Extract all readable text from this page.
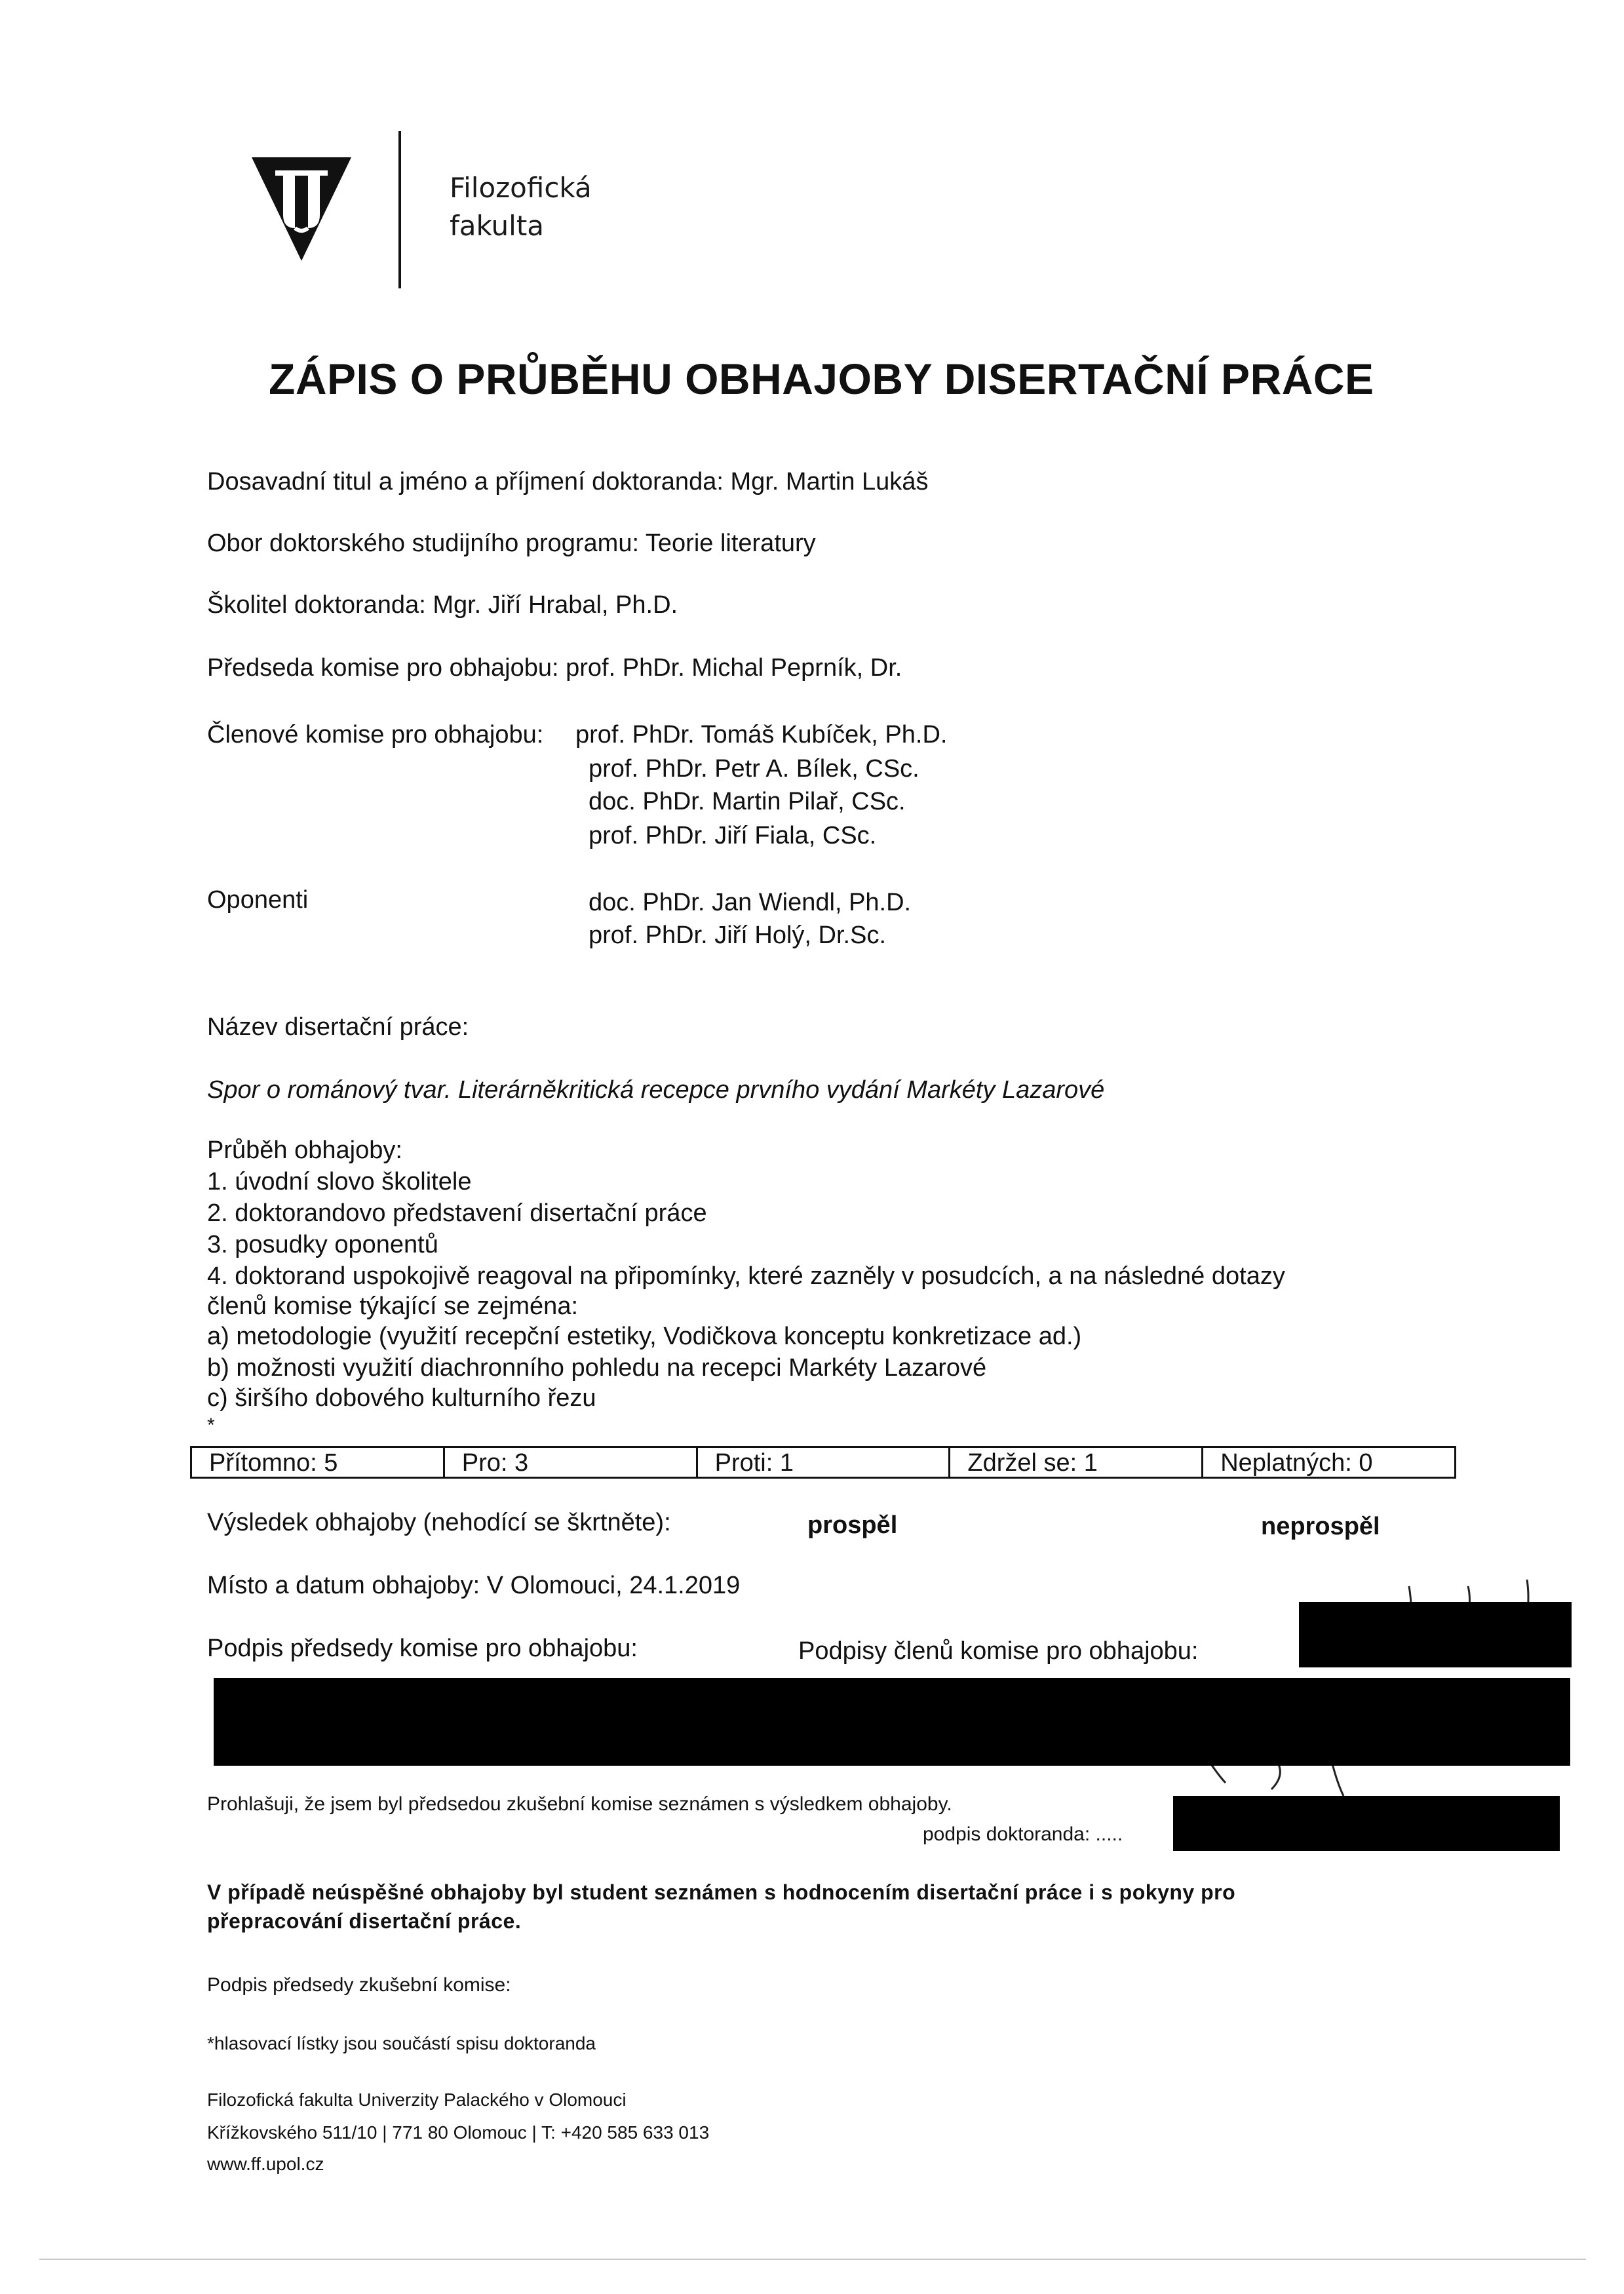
Filozofická
fakulta
ZÁPIS O PRŮBĚHU OBHAJOBY DISERTAČNÍ PRÁCE
Dosavadní titul a jméno a příjmení doktoranda: Mgr. Martin Lukáš
Obor doktorského studijního programu: Teorie literatury
Školitel doktoranda: Mgr. Jiří Hrabal, Ph.D.
Předseda komise pro obhajobu: prof. PhDr. Michal Peprník, Dr.
Členové komise pro obhajobu: prof. PhDr. Tomáš Kubíček, Ph.D.
prof. PhDr. Petr A. Bílek, CSc.
doc. PhDr. Martin Pilař, CSc.
prof. PhDr. Jiří Fiala, CSc.
Oponenti	doc. PhDr. Jan Wiendl, Ph.D.
prof. PhDr. Jiří Holý, Dr.Sc.
Název disertační práce:
Spor o románový tvar. Literárněkritická recepce prvního vydání Markéty Lazarové
Průběh obhajoby:
1. úvodní slovo školitele
2. doktorandovo představení disertační práce
3. posudky oponentů
4. doktorand uspokojivě reagoval na připomínky, které zazněly v posudcích, a na následné dotazy
členů komise týkající se zejména:
a) metodologie (využití recepční estetiky, Vodičkova konceptu konkretizace ad.)
b) možnosti využití diachronního pohledu na recepci Markéty Lazarové
c) širšího dobového kulturního řezu
*
Přítomno: 5	Pro: 3	Proti: 1	Zdržel se: 1	Neplatných: 0
Výsledek obhajoby (nehodící se škrtněte):	prospěl	neprospěl
Místo a datum obhajoby: V Olomouci, 24.1.2019
Podpis předsedy komise pro obhajobu:	Podpisy členů komise pro obhajobu:
Prohlašuji, že jsem byl předsedou zkušební komise seznámen s výsledkem obhajoby.
podpis doktoranda: .....
V případě neúspěšné obhajoby byl student seznámen s hodnocením disertační práce i s pokyny pro
přepracování disertační práce.
Podpis předsedy zkušební komise:
*hlasovací lístky jsou součástí spisu doktoranda
Filozofická fakulta Univerzity Palackého v Olomouci
Křížkovského 511/10 | 771 80 Olomouc | T: +420 585 633 013
www.ff.upol.cz
